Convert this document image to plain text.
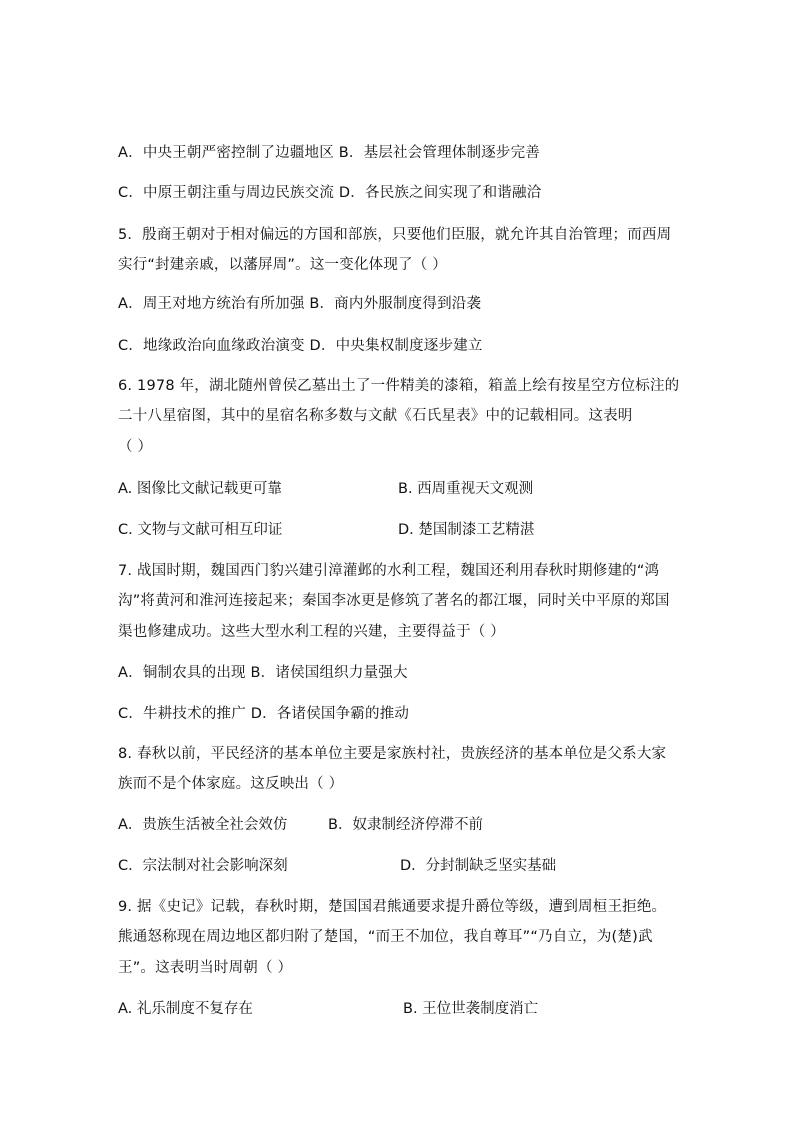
A．中央王朝严密控制了边疆地区 B．基层社会管理体制逐步完善
C．中原王朝注重与周边民族交流 D．各民族之间实现了和谐融洽
5．殷商王朝对于相对偏远的方国和部族，只要他们臣服，就允许其自治管理；而西周
实行“封建亲戚，以藩屏周”。这一变化体现了（ ）
A．周王对地方统治有所加强 B．商内外服制度得到沿袭
C．地缘政治向血缘政治演变 D．中央集权制度逐步建立
6. 1978 年，湖北随州曾侯乙墓出土了一件精美的漆箱，箱盖上绘有按星空方位标注的
二十八星宿图，其中的星宿名称多数与文献《石氏星表》中的记载相同。这表明
（ ）
A. 图像比文献记载更可靠	B. 西周重视天文观测
C. 文物与文献可相互印证	D. 楚国制漆工艺精湛
7. 战国时期，魏国西门豹兴建引漳灌邺的水利工程，魏国还利用春秋时期修建的“鸿
沟”将黄河和淮河连接起来；秦国李冰更是修筑了著名的都江堰，同时关中平原的郑国
渠也修建成功。这些大型水利工程的兴建，主要得益于（ ）
A．铜制农具的出现 B．诸侯国组织力量强大
C．牛耕技术的推广 D．各诸侯国争霸的推动
8. 春秋以前，平民经济的基本单位主要是家族村社，贵族经济的基本单位是父系大家
族而不是个体家庭。这反映出（ ）
A．贵族生活被全社会效仿	B．奴隶制经济停滞不前
C．宗法制对社会影响深刻	D．分封制缺乏坚实基础
9. 据《史记》记载，春秋时期，楚国国君熊通要求提升爵位等级，遭到周桓王拒绝。
熊通怒称现在周边地区都归附了楚国，“而王不加位，我自尊耳”“乃自立，为(楚)武
王”。这表明当时周朝（ ）
A. 礼乐制度不复存在	B. 王位世袭制度消亡
